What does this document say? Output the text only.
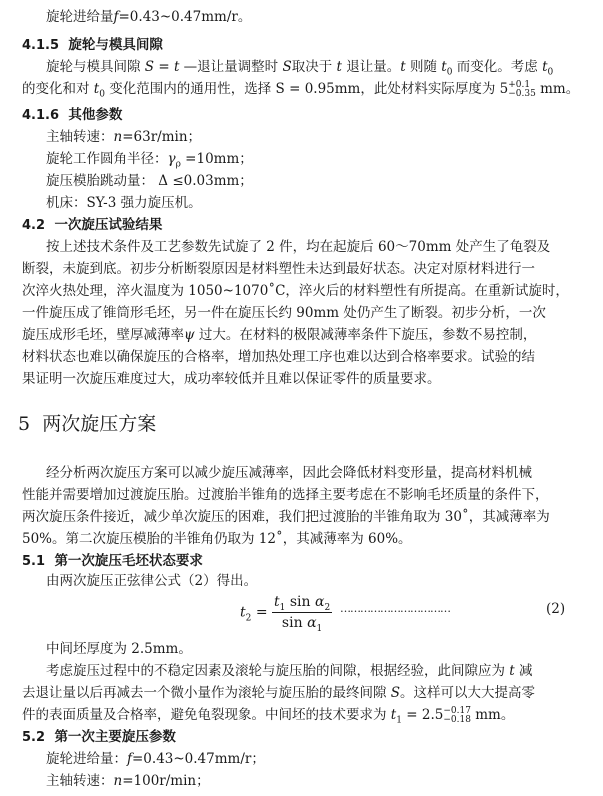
旋轮进给量f=0.43~0.47mm/r。
4.1.5 旋轮与模具间隙
旋轮与模具间隙 S = t —退让量调整时 S取决于 t 退让量。t 则随 $t_0$ 而变化。考虑 $t_0$
的变化和对 $t_0$ 变化范围内的通用性，选择 S = 0.95mm，此处材料实际厚度为 5 +0.1
−0.35 mm。
4.1.6 其他参数
主轴转速：n=63r/min；
旋轮工作圆角半径：$\gamma_\rho =10mm$；
旋压模胎跳动量： Δ ≤0.03mm；
机床：SY-3 强力旋压机。
4.2 一次旋压试验结果
按上述技术条件及工艺参数先试旋了 2 件，均在起旋后 60～70mm 处产生了龟裂及
断裂，未旋到底。初步分析断裂原因是材料塑性未达到最好状态。决定对原材料进行一
次淬火热处理，淬火温度为 1050~1070˚C，淬火后的材料塑性有所提高。在重新试旋时，
一件旋压成了锥筒形毛坯，另一件在旋压长约 90mm 处仍产生了断裂。初步分析，一次
旋压成形毛坯，壁厚减薄率ψ 过大。在材料的极限减薄率条件下旋压，参数不易控制，
材料状态也难以确保旋压的合格率，增加热处理工序也难以达到合格率要求。试验的结
果证明一次旋压难度过大，成功率较低并且难以保证零件的质量要求。
5 两次旋压方案
经分析两次旋压方案可以减少旋压减薄率，因此会降低材料变形量，提高材料机械
性能并需要增加过渡旋压胎。过渡胎半锥角的选择主要考虑在不影响毛坯质量的条件下，
两次旋压条件接近，减少单次旋压的困难，我们把过渡胎的半锥角取为 30˚，其减薄率为
50%。第二次旋压模胎的半锥角仍取为 12˚，其减薄率为 60%。
5.1 第一次旋压毛坯状态要求
由两次旋压正弦律公式（2）得出。
$t_2 = \frac{t_1 \sin \alpha_2}{\sin \alpha_1}$ ……………………………	(2)
中间坯厚度为 2.5mm。
考虑旋压过程中的不稳定因素及滚轮与旋压胎的间隙，根据经验，此间隙应为 t 减
去退让量以后再减去一个微小量作为滚轮与旋压胎的最终间隙 S。这样可以大大提高零
件的表面质量及合格率，避免龟裂现象。中间坯的技术要求为 $t_1 = 2.5 -0.17$
−0.18 mm。
5.2 第一次主要旋压参数
旋轮进给量：f=0.43~0.47mm/r；
主轴转速：n=100r/min；
